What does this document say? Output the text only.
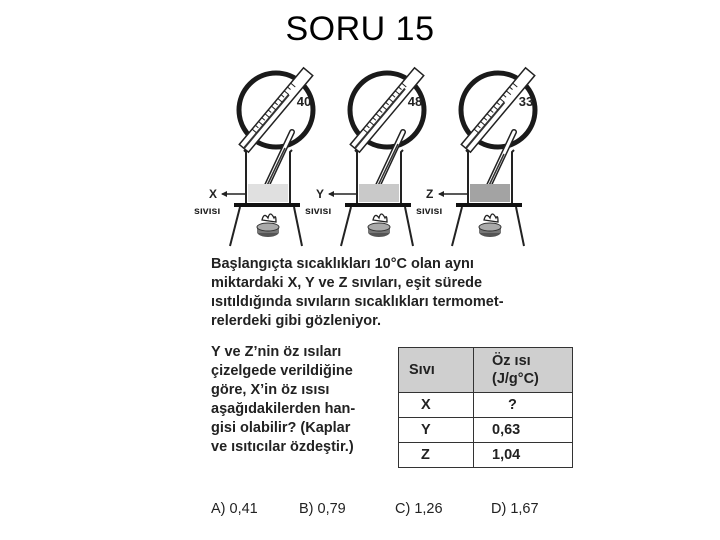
SORU 15
40
X
sıvısı
48
Y
sıvısı
33
Z
sıvısı

Başlangıçta sıcaklıkları 10°C olan aynı
miktardaki X, Y ve Z sıvıları, eşit sürede
ısıtıldığında sıvıların sıcaklıkları termomet-
relerdeki gibi gözleniyor.

Y ve Z’nin öz ısıları
çizelgede verildiğine
göre, X’in öz ısısı
aşağıdakilerden han-
gisi olabilir? (Kaplar
ve ısıtıcılar özdeştir.)

Sıvı	Öz ısı
(J/g°C)
X	?
Y	0,63
Z	1,04
A) 0,41	B) 0,79	C) 1,26	D) 1,67
